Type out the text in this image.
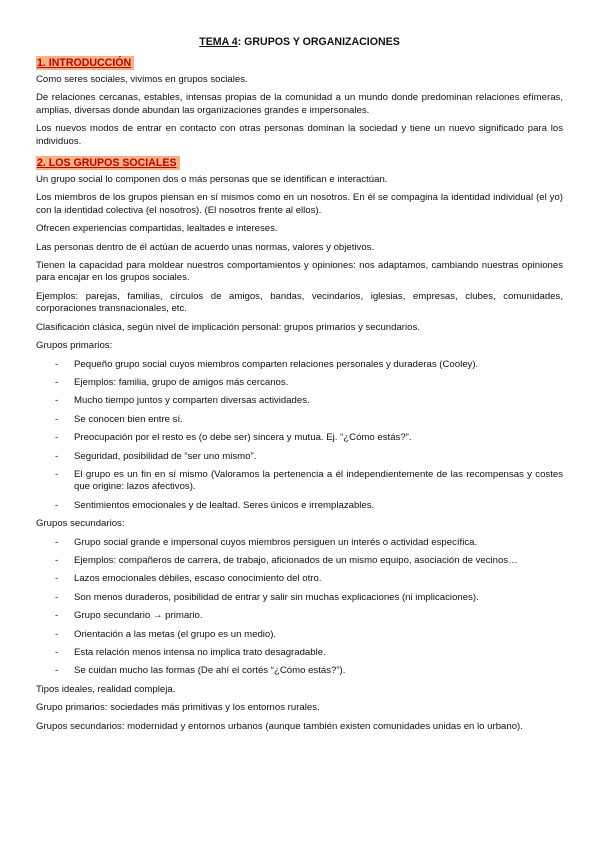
TEMA 4: GRUPOS Y ORGANIZACIONES
1. INTRODUCCIÓN

Como seres sociales, vivimos en grupos sociales.

De relaciones cercanas, estables, intensas propias de la comunidad a un mundo donde predominan relaciones efímeras, amplias, diversas donde abundan las organizaciones grandes e impersonales.

Los nuevos modos de entrar en contacto con otras personas dominan la sociedad y tiene un nuevo significado para los individuos.

2. LOS GRUPOS SOCIALES

Un grupo social lo componen dos o más personas que se identifican e interactúan.

Los miembros de los grupos piensan en sí mismos como en un nosotros. En él se compagina la identidad individual (el yo) con la identidad colectiva (el nosotros). (El nosotros frente al ellos).

Ofrecen experiencias compartidas, lealtades e intereses.

Las personas dentro de él actúan de acuerdo unas normas, valores y objetivos.

Tienen la capacidad para moldear nuestros comportamientos y opiniones: nos adaptamos, cambiando nuestras opiniones para encajar en los grupos sociales.

Ejemplos: parejas, familias, círculos de amigos, bandas, vecindarios, iglesias, empresas, clubes, comunidades, corporaciones transnacionales, etc.

Clasificación clásica, según nivel de implicación personal: grupos primarios y secundarios.

Grupos primarios:

- Pequeño grupo social cuyos miembros comparten relaciones personales y duraderas (Cooley).
- Ejemplos: familia, grupo de amigos más cercanos.
- Mucho tiempo juntos y comparten diversas actividades.
- Se conocen bien entre sí.
- Preocupación por el resto es (o debe ser) sincera y mutua. Ej. “¿Cómo estás?”.
- Seguridad, posibilidad de “ser uno mismo”.
- El grupo es un fin en sí mismo (Valoramos la pertenencia a él independientemente de las recompensas y costes que origine: lazos afectivos).
- Sentimientos emocionales y de lealtad. Seres únicos e irremplazables.

Grupos secundarios:

- Grupo social grande e impersonal cuyos miembros persiguen un interés o actividad específica.
- Ejemplos: compañeros de carrera, de trabajo, aficionados de un mismo equipo, asociación de vecinos…
- Lazos emocionales débiles, escaso conocimiento del otro.
- Son menos duraderos, posibilidad de entrar y salir sin muchas explicaciones (ni implicaciones).
- Grupo secundario → primario.
- Orientación a las metas (el grupo es un medio).
- Esta relación menos intensa no implica trato desagradable.
- Se cuidan mucho las formas (De ahí el cortés “¿Cómo estás?”).

Tipos ideales, realidad compleja.

Grupo primarios: sociedades más primitivas y los entornos rurales.

Grupos secundarios: modernidad y entornos urbanos (aunque también existen comunidades unidas en lo urbano).
